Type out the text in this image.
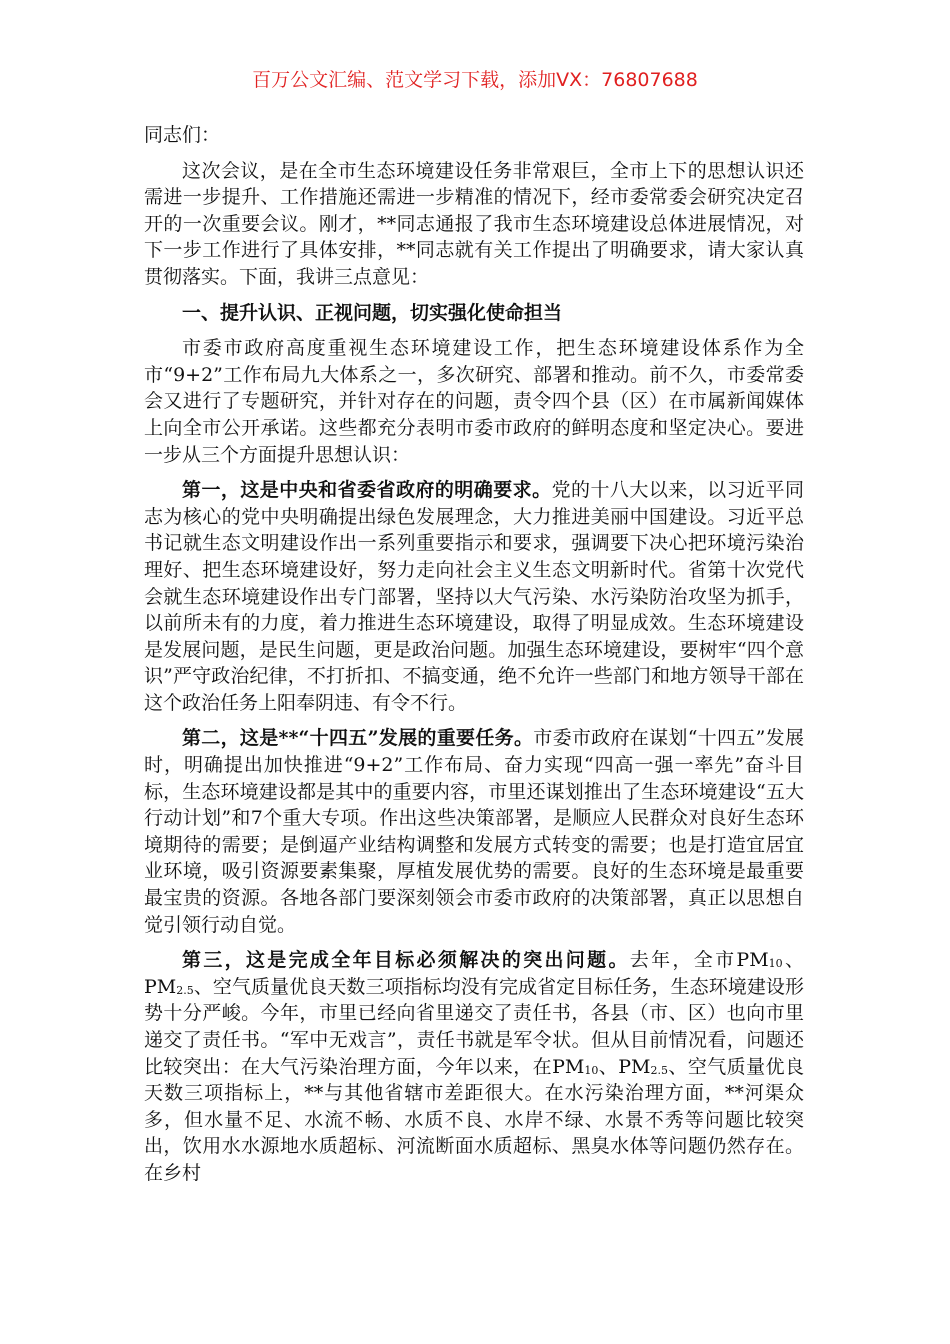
百万公文汇编、范文学习下载，添加VX：76807688

同志们：

这次会议，是在全市生态环境建设任务非常艰巨，全市上下的思想认识还需进一步提升、工作措施还需进一步精准的情况下，经市委常委会研究决定召开的一次重要会议。刚才，**同志通报了我市生态环境建设总体进展情况，对下一步工作进行了具体安排，**同志就有关工作提出了明确要求，请大家认真贯彻落实。下面，我讲三点意见：

一、提升认识、正视问题，切实强化使命担当

市委市政府高度重视生态环境建设工作，把生态环境建设体系作为全市“9+2”工作布局九大体系之一，多次研究、部署和推动。前不久，市委常委会又进行了专题研究，并针对存在的问题，责令四个县（区）在市属新闻媒体上向全市公开承诺。这些都充分表明市委市政府的鲜明态度和坚定决心。要进一步从三个方面提升思想认识：

第一，这是中央和省委省政府的明确要求。党的十八大以来，以习近平同志为核心的党中央明确提出绿色发展理念，大力推进美丽中国建设。习近平总书记就生态文明建设作出一系列重要指示和要求，强调要下决心把环境污染治理好、把生态环境建设好，努力走向社会主义生态文明新时代。省第十次党代会就生态环境建设作出专门部署，坚持以大气污染、水污染防治攻坚为抓手，以前所未有的力度，着力推进生态环境建设，取得了明显成效。生态环境建设是发展问题，是民生问题，更是政治问题。加强生态环境建设，要树牢“四个意识”严守政治纪律，不打折扣、不搞变通，绝不允许一些部门和地方领导干部在这个政治任务上阳奉阴违、有令不行。

第二，这是**“十四五”发展的重要任务。市委市政府在谋划“十四五”发展时，明确提出加快推进“9+2”工作布局、奋力实现“四高一强一率先”奋斗目标，生态环境建设都是其中的重要内容，市里还谋划推出了生态环境建设“五大行动计划”和7个重大专项。作出这些决策部署，是顺应人民群众对良好生态环境期待的需要；是倒逼产业结构调整和发展方式转变的需要；也是打造宜居宜业环境，吸引资源要素集聚，厚植发展优势的需要。良好的生态环境是最重要最宝贵的资源。各地各部门要深刻领会市委市政府的决策部署，真正以思想自觉引领行动自觉。

第三，这是完成全年目标必须解决的突出问题。去年，全市$PM_{10}$、$PM_{2.5}$、空气质量优良天数三项指标均没有完成省定目标任务，生态环境建设形势十分严峻。今年，市里已经向省里递交了责任书，各县（市、区）也向市里递交了责任书。“军中无戏言”，责任书就是军令状。但从目前情况看，问题还比较突出：在大气污染治理方面，今年以来，在$PM_{10}$、$PM_{2.5}$、空气质量优良天数三项指标上，**与其他省辖市差距很大。在水污染治理方面，**河渠众多，但水量不足、水流不畅、水质不良、水岸不绿、水景不秀等问题比较突出，饮用水水源地水质超标、河流断面水质超标、黑臭水体等问题仍然存在。在乡村
